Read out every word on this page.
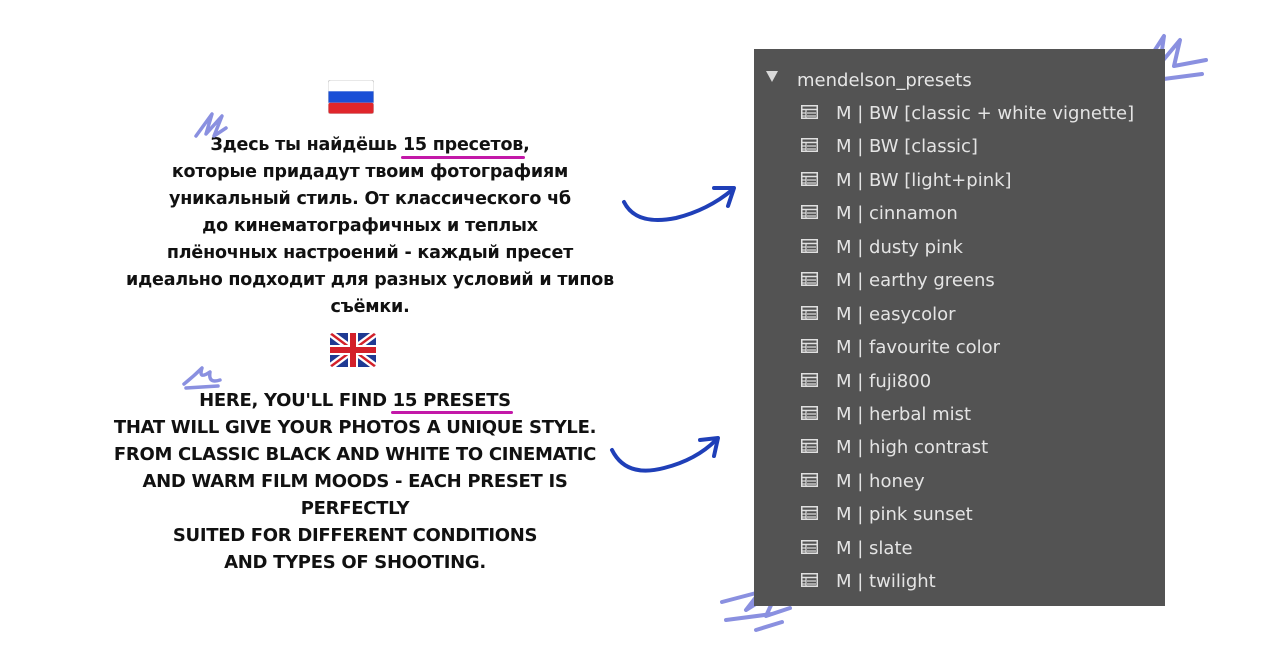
Здесь ты найдёшь 15 пресетов,
которые придадут твоим фотографиям
уникальный стиль. От классического чб
до кинематографичных и теплых
плёночных настроений - каждый пресет
идеально подходит для разных условий и типов съёмки.
HERE, YOU'LL FIND 15 PRESETS
THAT WILL GIVE YOUR PHOTOS A UNIQUE STYLE.
FROM CLASSIC BLACK AND WHITE TO CINEMATIC
AND WARM FILM MOODS - EACH PRESET IS PERFECTLY
SUITED FOR DIFFERENT CONDITIONS
AND TYPES OF SHOOTING.
mendelson_presets
M | BW [classic + white vignette]
M | BW [classic]
M | BW [light+pink]
M | cinnamon
M | dusty pink
M | earthy greens
M | easycolor
M | favourite color
M | fuji800
M | herbal mist
M | high contrast
M | honey
M | pink sunset
M | slate
M | twilight
